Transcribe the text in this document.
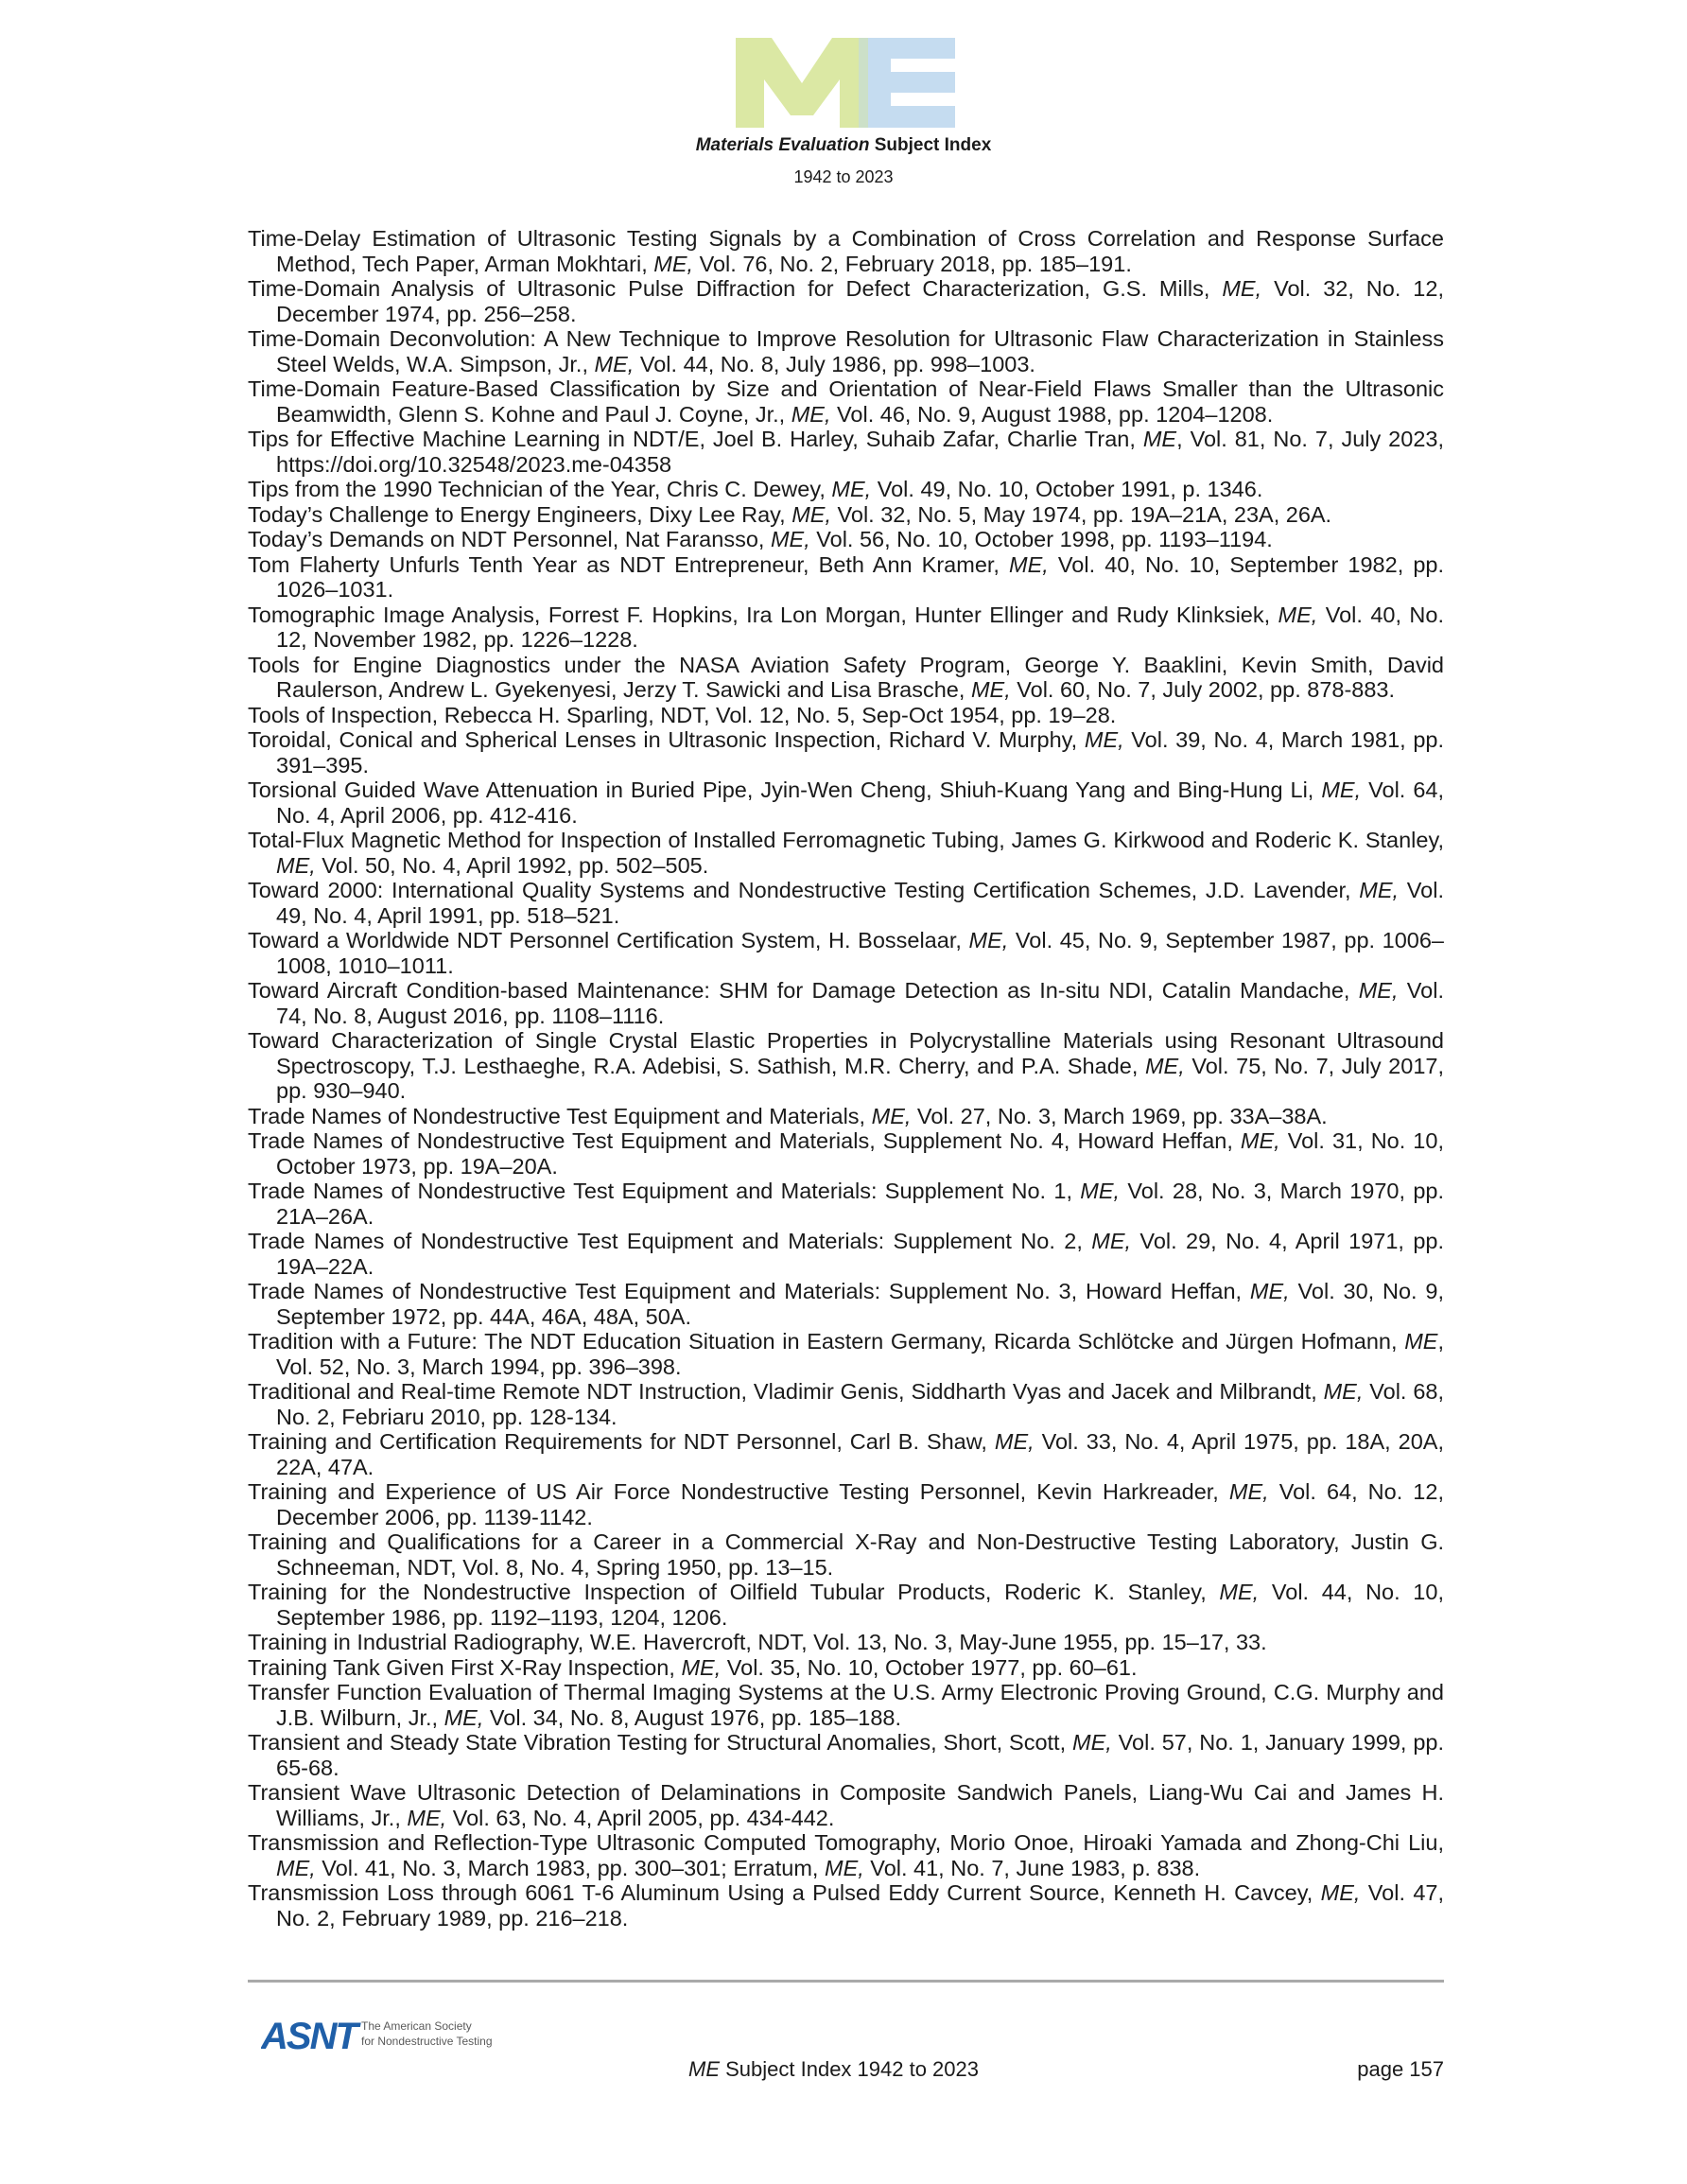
Materials Evaluation Subject Index
1942 to 2023

Time-Delay Estimation of Ultrasonic Testing Signals by a Combination of Cross Correlation and Response Surface Method, Tech Paper, Arman Mokhtari, ME, Vol. 76, No. 2, February 2018, pp. 185–191.

Time-Domain Analysis of Ultrasonic Pulse Diffraction for Defect Characterization, G.S. Mills, ME, Vol. 32, No. 12, December 1974, pp. 256–258.

Time-Domain Deconvolution: A New Technique to Improve Resolution for Ultrasonic Flaw Characterization in Stainless Steel Welds, W.A. Simpson, Jr., ME, Vol. 44, No. 8, July 1986, pp. 998–1003.

Time-Domain Feature-Based Classification by Size and Orientation of Near-Field Flaws Smaller than the Ultrasonic Beamwidth, Glenn S. Kohne and Paul J. Coyne, Jr., ME, Vol. 46, No. 9, August 1988, pp. 1204–1208.

Tips for Effective Machine Learning in NDT/E, Joel B. Harley, Suhaib Zafar, Charlie Tran, ME, Vol. 81, No. 7, July 2023, https://doi.org/10.32548/2023.me-04358

Tips from the 1990 Technician of the Year, Chris C. Dewey, ME, Vol. 49, No. 10, October 1991, p. 1346.

Today’s Challenge to Energy Engineers, Dixy Lee Ray, ME, Vol. 32, No. 5, May 1974, pp. 19A–21A, 23A, 26A.

Today’s Demands on NDT Personnel, Nat Faransso, ME, Vol. 56, No. 10, October 1998, pp. 1193–1194.

Tom Flaherty Unfurls Tenth Year as NDT Entrepreneur, Beth Ann Kramer, ME, Vol. 40, No. 10, September 1982, pp. 1026–1031.

Tomographic Image Analysis, Forrest F. Hopkins, Ira Lon Morgan, Hunter Ellinger and Rudy Klinksiek, ME, Vol. 40, No. 12, November 1982, pp. 1226–1228.

Tools for Engine Diagnostics under the NASA Aviation Safety Program, George Y. Baaklini, Kevin Smith, David Raulerson, Andrew L. Gyekenyesi, Jerzy T. Sawicki and Lisa Brasche, ME, Vol. 60, No. 7, July 2002, pp. 878-883.

Tools of Inspection, Rebecca H. Sparling, NDT, Vol. 12, No. 5, Sep-Oct 1954, pp. 19–28.

Toroidal, Conical and Spherical Lenses in Ultrasonic Inspection, Richard V. Murphy, ME, Vol. 39, No. 4, March 1981, pp. 391–395.

Torsional Guided Wave Attenuation in Buried Pipe, Jyin-Wen Cheng, Shiuh-Kuang Yang and Bing-Hung Li, ME, Vol. 64, No. 4, April 2006, pp. 412-416.

Total-Flux Magnetic Method for Inspection of Installed Ferromagnetic Tubing, James G. Kirkwood and Roderic K. Stanley, ME, Vol. 50, No. 4, April 1992, pp. 502–505.

Toward 2000: International Quality Systems and Nondestructive Testing Certification Schemes, J.D. Lavender, ME, Vol. 49, No. 4, April 1991, pp. 518–521.

Toward a Worldwide NDT Personnel Certification System, H. Bosselaar, ME, Vol. 45, No. 9, September 1987, pp. 1006–1008, 1010–1011.

Toward Aircraft Condition-based Maintenance: SHM for Damage Detection as In-situ NDI, Catalin Mandache, ME, Vol. 74, No. 8, August 2016, pp. 1108–1116.

Toward Characterization of Single Crystal Elastic Properties in Polycrystalline Materials using Resonant Ultrasound Spectroscopy, T.J. Lesthaeghe, R.A. Adebisi, S. Sathish, M.R. Cherry, and P.A. Shade, ME, Vol. 75, No. 7, July 2017, pp. 930–940.

Trade Names of Nondestructive Test Equipment and Materials, ME, Vol. 27, No. 3, March 1969, pp. 33A–38A.

Trade Names of Nondestructive Test Equipment and Materials, Supplement No. 4, Howard Heffan, ME, Vol. 31, No. 10, October 1973, pp. 19A–20A.

Trade Names of Nondestructive Test Equipment and Materials: Supplement No. 1, ME, Vol. 28, No. 3, March 1970, pp. 21A–26A.

Trade Names of Nondestructive Test Equipment and Materials: Supplement No. 2, ME, Vol. 29, No. 4, April 1971, pp. 19A–22A.

Trade Names of Nondestructive Test Equipment and Materials: Supplement No. 3, Howard Heffan, ME, Vol. 30, No. 9, September 1972, pp. 44A, 46A, 48A, 50A.

Tradition with a Future: The NDT Education Situation in Eastern Germany, Ricarda Schlötcke and Jürgen Hofmann, ME, Vol. 52, No. 3, March 1994, pp. 396–398.

Traditional and Real-time Remote NDT Instruction, Vladimir Genis, Siddharth Vyas and Jacek and Milbrandt, ME, Vol. 68, No. 2, Febriaru 2010, pp. 128-134.

Training and Certification Requirements for NDT Personnel, Carl B. Shaw, ME, Vol. 33, No. 4, April 1975, pp. 18A, 20A, 22A, 47A.

Training and Experience of US Air Force Nondestructive Testing Personnel, Kevin Harkreader, ME, Vol. 64, No. 12, December 2006, pp. 1139-1142.

Training and Qualifications for a Career in a Commercial X-Ray and Non-Destructive Testing Laboratory, Justin G. Schneeman, NDT, Vol. 8, No. 4, Spring 1950, pp. 13–15.

Training for the Nondestructive Inspection of Oilfield Tubular Products, Roderic K. Stanley, ME, Vol. 44, No. 10, September 1986, pp. 1192–1193, 1204, 1206.

Training in Industrial Radiography, W.E. Havercroft, NDT, Vol. 13, No. 3, May-June 1955, pp. 15–17, 33.

Training Tank Given First X-Ray Inspection, ME, Vol. 35, No. 10, October 1977, pp. 60–61.

Transfer Function Evaluation of Thermal Imaging Systems at the U.S. Army Electronic Proving Ground, C.G. Murphy and J.B. Wilburn, Jr., ME, Vol. 34, No. 8, August 1976, pp. 185–188.

Transient and Steady State Vibration Testing for Structural Anomalies, Short, Scott, ME, Vol. 57, No. 1, January 1999, pp. 65-68.

Transient Wave Ultrasonic Detection of Delaminations in Composite Sandwich Panels, Liang-Wu Cai and James H. Williams, Jr., ME, Vol. 63, No. 4, April 2005, pp. 434-442.

Transmission and Reflection-Type Ultrasonic Computed Tomography, Morio Onoe, Hiroaki Yamada and Zhong-Chi Liu, ME, Vol. 41, No. 3, March 1983, pp. 300–301; Erratum, ME, Vol. 41, No. 7, June 1983, p. 838.

Transmission Loss through 6061 T-6 Aluminum Using a Pulsed Eddy Current Source, Kenneth H. Cavcey, ME, Vol. 47, No. 2, February 1989, pp. 216–218.

ASNT The American Society
for Nondestructive Testing
ME Subject Index 1942 to 2023	page 157
